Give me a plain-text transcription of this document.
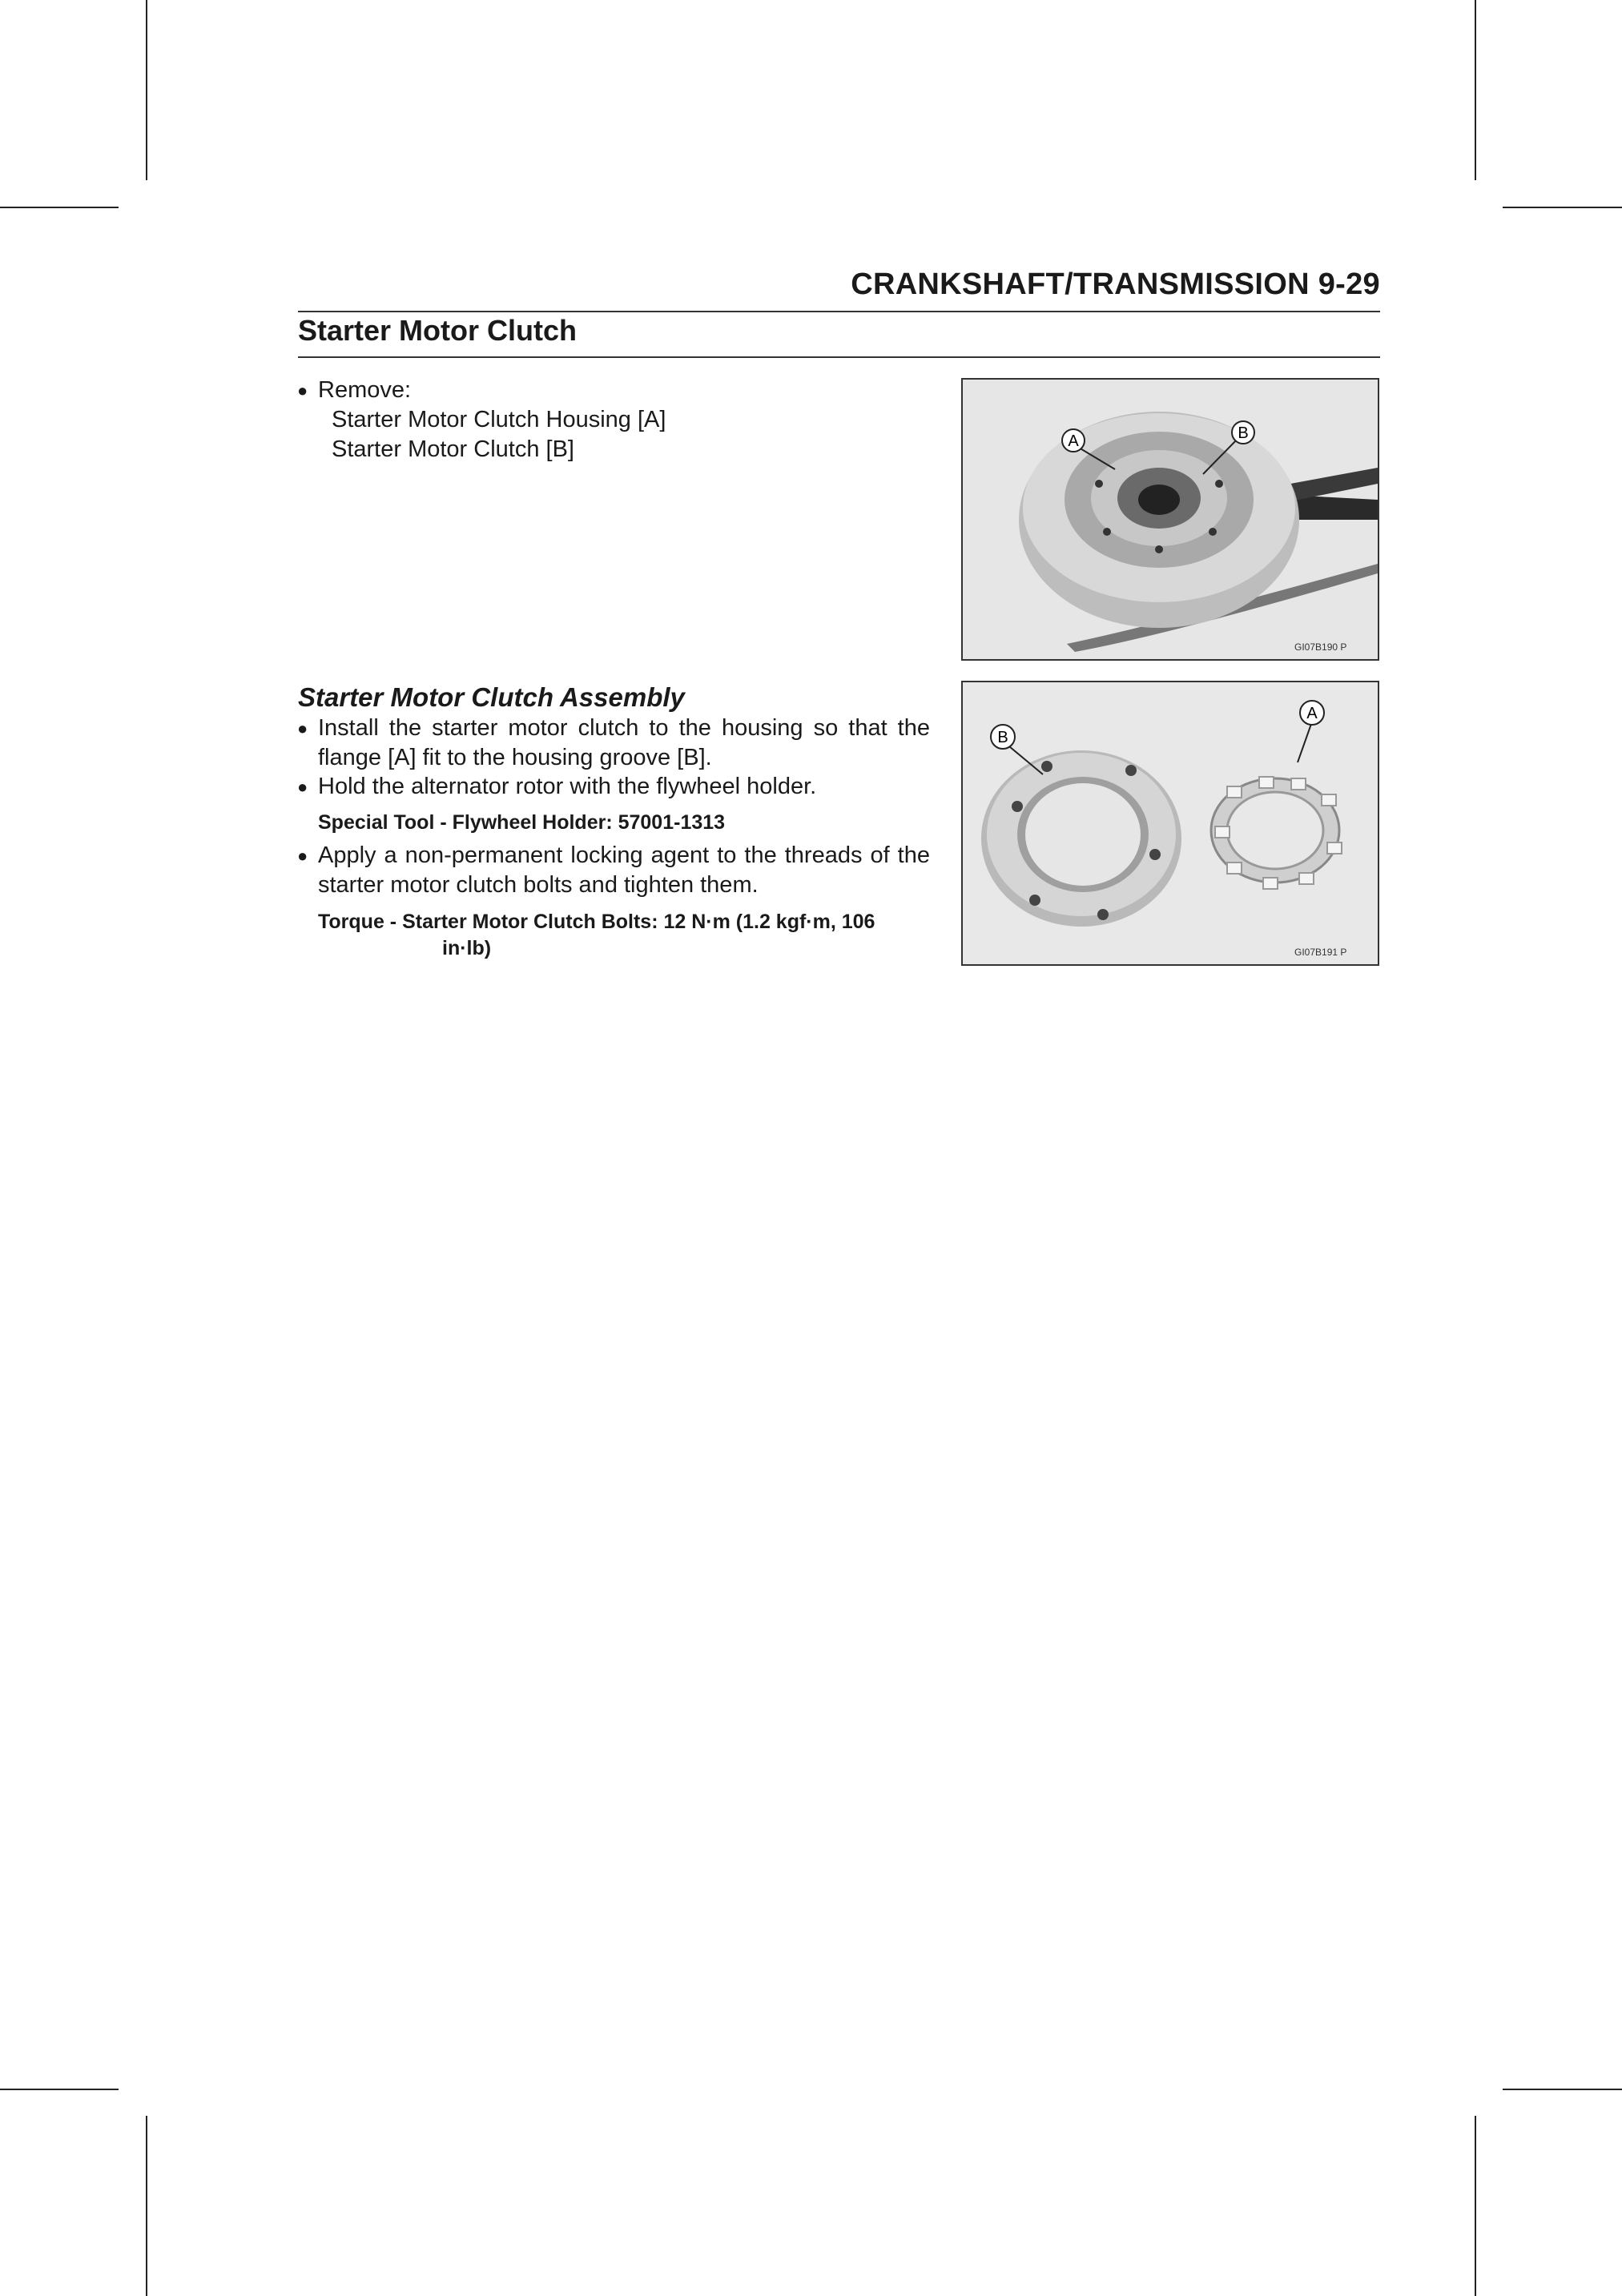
CRANKSHAFT/TRANSMISSION 9-29
Starter Motor Clutch
● Remove:
Starter Motor Clutch Housing [A]
Starter Motor Clutch [B]	A	B
GI07B190 P
Starter Motor Clutch Assembly
● Install the starter motor clutch to the housing so that the flange [A] fit to the housing groove [B].
● Hold the alternator rotor with the flywheel holder.
Special Tool - Flywheel Holder: 57001-1313
● Apply a non-permanent locking agent to the threads of the starter motor clutch bolts and tighten them.
Torque - Starter Motor Clutch Bolts: 12 N·m (1.2 kgf·m, 106
in·lb)
B
A
GI07B191 P
